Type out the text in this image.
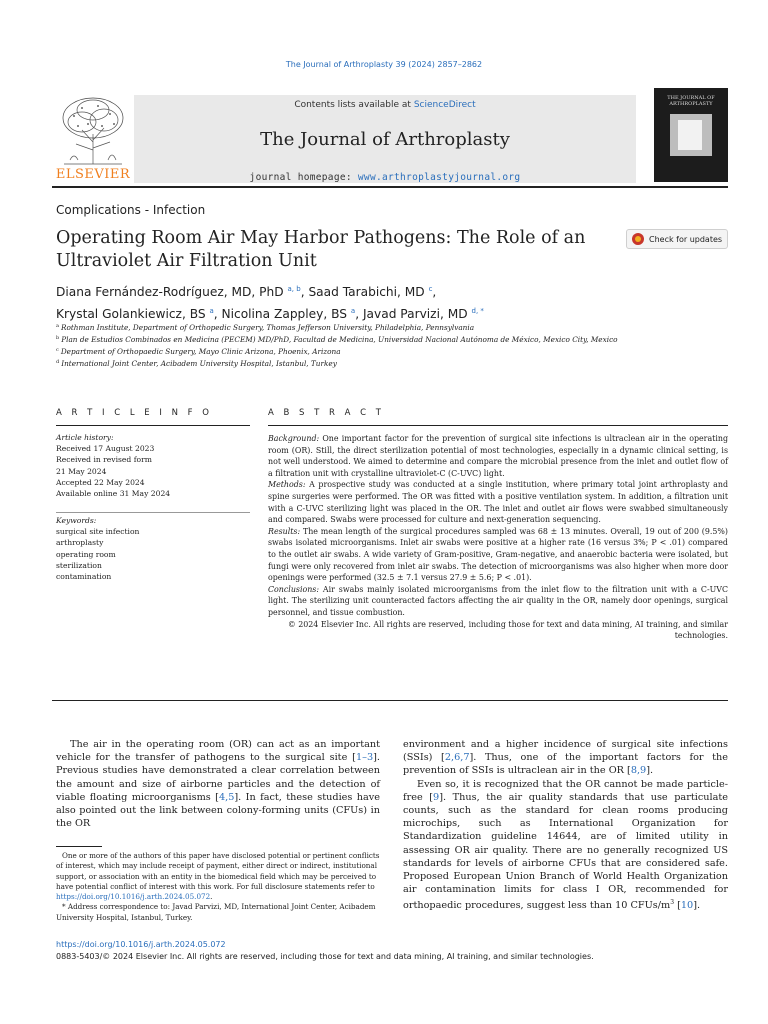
The Journal of Arthroplasty 39 (2024) 2857–2862
ELSEVIER
Contents lists available at ScienceDirect
The Journal of Arthroplasty
journal homepage: www.arthroplastyjournal.org
THE JOURNAL OF
ARTHROPLASTY
Complications - Infection
Operating Room Air May Harbor Pathogens: The Role of an Ultraviolet Air Filtration Unit
Check for updates
Diana Fernández-Rodríguez, MD, PhD $^{a, b}$, Saad Tarabichi, MD $^c$,
Krystal Golankiewicz, BS $^a$, Nicolina Zappley, BS $^a$, Javad Parvizi, MD $^{d, *}$
$^a$ Rothman Institute, Department of Orthopedic Surgery, Thomas Jefferson University, Philadelphia, Pennsylvania
$^b$ Plan de Estudios Combinados en Medicina (PECEM) MD/PhD, Facultad de Medicina, Universidad Nacional Autónoma de México, Mexico City, Mexico
$^c$ Department of Orthopaedic Surgery, Mayo Clinic Arizona, Phoenix, Arizona
$^d$ International Joint Center, Acibadem University Hospital, Istanbul, Turkey
A R T I C L E I N F O	A B S T R A C T
Article history:
Received 17 August 2023
Received in revised form
21 May 2024
Accepted 22 May 2024
Available online 31 May 2024
Keywords:
surgical site infection
arthroplasty
operating room
sterilization
contamination

Background: One important factor for the prevention of surgical site infections is ultraclean air in the operating room (OR). Still, the direct sterilization potential of most technologies, especially in a dynamic clinical setting, is not well understood. We aimed to determine and compare the microbial presence from the inlet and outlet flow of a filtration unit with crystalline ultraviolet-C (C-UVC) light.

Methods: A prospective study was conducted at a single institution, where primary total joint arthroplasty and spine surgeries were performed. The OR was fitted with a positive ventilation system. In addition, a filtration unit with a C-UVC sterilizing light was placed in the OR. The inlet and outlet air flows were swabbed simultaneously and compared. Swabs were processed for culture and next-generation sequencing.

Results: The mean length of the surgical procedures sampled was 68 ± 13 minutes. Overall, 19 out of 200 (9.5%) swabs isolated microorganisms. Inlet air swabs were positive at a higher rate (16 versus 3%; P < .01) compared to the outlet air swabs. A wide variety of Gram-positive, Gram-negative, and anaerobic bacteria were isolated, but fungi were only recovered from inlet air swabs. The detection of microorganisms was also higher when more door openings were performed (32.5 ± 7.1 versus 27.9 ± 5.6; P < .01).

Conclusions: Air swabs mainly isolated microorganisms from the inlet flow to the filtration unit with a C-UVC light. The sterilizing unit counteracted factors affecting the air quality in the OR, namely door openings, surgical personnel, and tissue combustion.

© 2024 Elsevier Inc. All rights are reserved, including those for text and data mining, AI training, and similar technologies.

The air in the operating room (OR) can act as an important vehicle for the transfer of pathogens to the surgical site [1–3]. Previous studies have demonstrated a clear correlation between the amount and size of airborne particles and the detection of viable floating microorganisms [4,5]. In fact, these studies have also pointed out the link between colony-forming units (CFUs) in the OR

environment and a higher incidence of surgical site infections (SSIs) [2,6,7]. Thus, one of the important factors for the prevention of SSIs is ultraclean air in the OR [8,9].

Even so, it is recognized that the OR cannot be made particle-free [9]. Thus, the air quality standards that use particulate counts, such as the standard for clean rooms producing microchips, such as International Organization for Standardization guideline 14644, are of limited utility in assessing OR air quality. There are no generally recognized US standards for levels of airborne CFUs that are considered safe. Proposed European Union Branch of World Health Organization air contamination limits for class I OR, recommended for orthopaedic procedures, suggest less than 10 CFUs/$m^3$ [10].

One or more of the authors of this paper have disclosed potential or pertinent conflicts of interest, which may include receipt of payment, either direct or indirect, institutional support, or association with an entity in the biomedical field which may be perceived to have potential conflict of interest with this work. For full disclosure statements refer to https://doi.org/10.1016/j.arth.2024.05.072.

* Address correspondence to: Javad Parvizi, MD, International Joint Center, Acibadem University Hospital, Istanbul, Turkey.

https://doi.org/10.1016/j.arth.2024.05.072
0883-5403/© 2024 Elsevier Inc. All rights are reserved, including those for text and data mining, AI training, and similar technologies.
